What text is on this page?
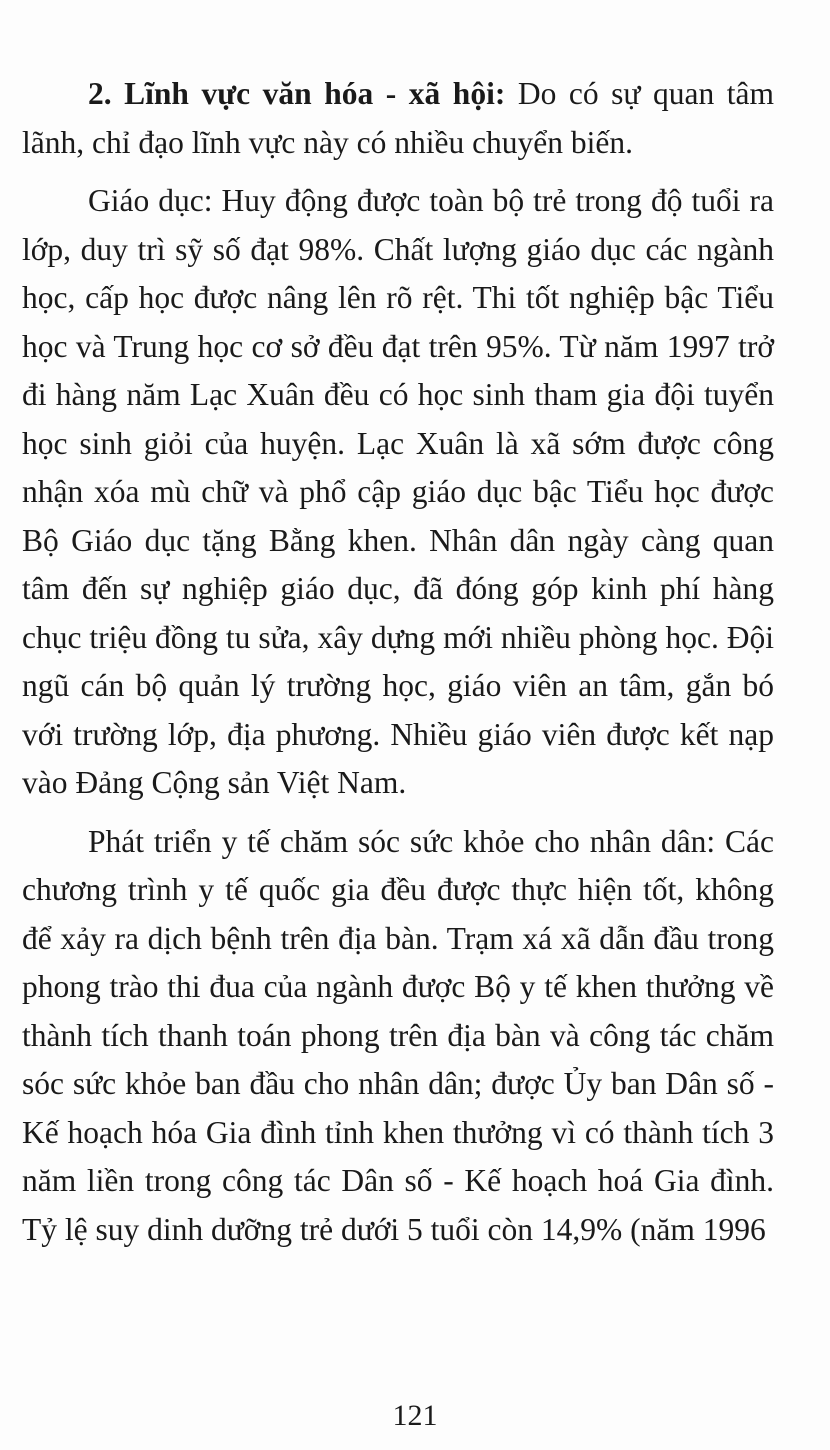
2. Lĩnh vực văn hóa - xã hội: Do có sự quan tâm lãnh, chỉ đạo lĩnh vực này có nhiều chuyển biến.

Giáo dục: Huy động được toàn bộ trẻ trong độ tuổi ra lớp, duy trì sỹ số đạt 98%. Chất lượng giáo dục các ngành học, cấp học được nâng lên rõ rệt. Thi tốt nghiệp bậc Tiểu học và Trung học cơ sở đều đạt trên 95%. Từ năm 1997 trở đi hàng năm Lạc Xuân đều có học sinh tham gia đội tuyển học sinh giỏi của huyện. Lạc Xuân là xã sớm được công nhận xóa mù chữ và phổ cập giáo dục bậc Tiểu học được Bộ Giáo dục tặng Bằng khen. Nhân dân ngày càng quan tâm đến sự nghiệp giáo dục, đã đóng góp kinh phí hàng chục triệu đồng tu sửa, xây dựng mới nhiều phòng học. Đội ngũ cán bộ quản lý trường học, giáo viên an tâm, gắn bó với trường lớp, địa phương. Nhiều giáo viên được kết nạp vào Đảng Cộng sản Việt Nam.

Phát triển y tế chăm sóc sức khỏe cho nhân dân: Các chương trình y tế quốc gia đều được thực hiện tốt, không để xảy ra dịch bệnh trên địa bàn. Trạm xá xã dẫn đầu trong phong trào thi đua của ngành được Bộ y tế khen thưởng về thành tích thanh toán phong trên địa bàn và công tác chăm sóc sức khỏe ban đầu cho nhân dân; được Ủy ban Dân số - Kế hoạch hóa Gia đình tỉnh khen thưởng vì có thành tích 3 năm liền trong công tác Dân số - Kế hoạch hoá Gia đình. Tỷ lệ suy dinh dưỡng trẻ dưới 5 tuổi còn 14,9% (năm 1996

121
